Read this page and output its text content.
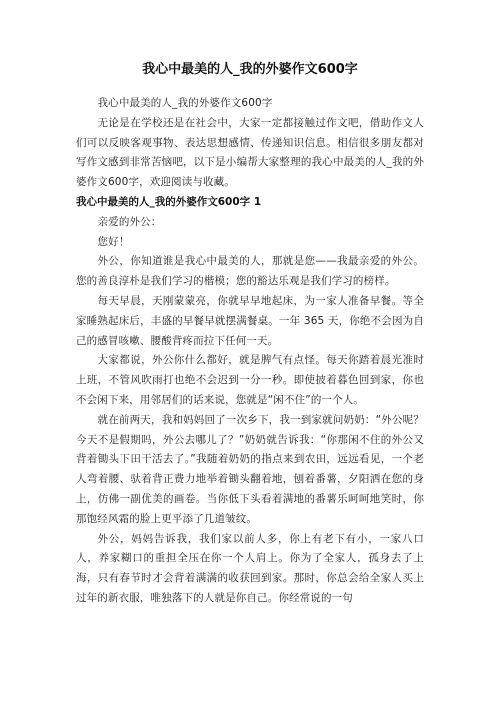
我心中最美的人_我的外婆作文600字

我心中最美的人_我的外婆作文600字

无论是在学校还是在社会中，大家一定都接触过作文吧，借助作文人们可以反映客观事物、表达思想感情、传递知识信息。相信很多朋友都对写作文感到非常苦恼吧，以下是小编帮大家整理的我心中最美的人_我的外婆作文600字，欢迎阅读与收藏。

我心中最美的人_我的外婆作文600字 1

亲爱的外公：

您好！

外公，你知道谁是我心中最美的人，那就是您——我最亲爱的外公。您的善良淳朴是我们学习的楷模；您的豁达乐观是我们学习的榜样。

每天早晨，天刚蒙蒙亮，你就早早地起床，为一家人准备早餐。等全家睡熟起床后，丰盛的早餐早就摆满餐桌。一年 365 天，你绝不会因为自己的感冒咳嗽、腰酸背疼而拉下任何一天。

大家都说，外公你什么都好，就是脾气有点怪。每天你踏着晨光准时上班，不管风吹雨打也绝不会迟到一分一秒。即使披着暮色回到家，你也不会闲下来，用邻居们的话来说，您就是“闲不住”的一个人。

就在前两天，我和妈妈回了一次乡下，我一到家就问奶奶：“外公呢？今天不是假期吗，外公去哪儿了？”奶奶就告诉我：“你那闲不住的外公又背着锄头下田干活去了。”我随着奶奶的指点来到农田，远远看见，一个老人弯着腰、驮着背正费力地举着锄头翻着地，刨着番薯，夕阳洒在您的身上，仿佛一副优美的画卷。当你低下头看着满地的番薯乐呵呵地笑时，你那饱经风霜的脸上更平添了几道皱纹。

外公，妈妈告诉我，我们家以前人多，你上有老下有小，一家八口人，养家糊口的重担全压在你一个人肩上。你为了全家人，孤身去了上海，只有春节时才会背着满满的收获回到家。那时，你总会给全家人买上过年的新衣服，唯独落下的人就是你自己。你经常说的一句
